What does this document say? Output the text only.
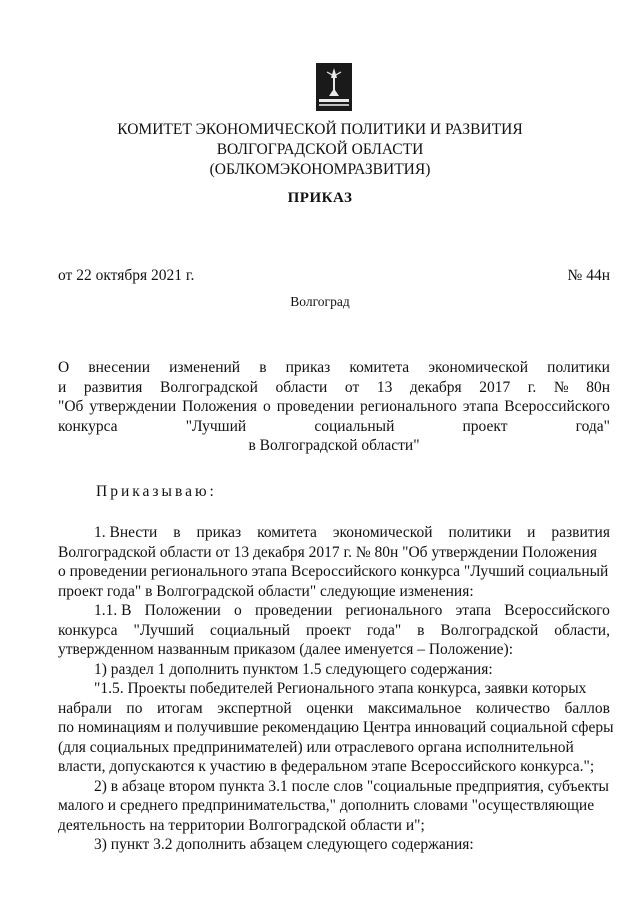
КОМИТЕТ ЭКОНОМИЧЕСКОЙ ПОЛИТИКИ И РАЗВИТИЯ
ВОЛГОГРАДСКОЙ ОБЛАСТИ
(ОБЛКОМЭКОНОМРАЗВИТИЯ)
ПРИКАЗ
от 22 октября 2021 г.	№ 44н
Волгоград
О внесении изменений в приказ комитета экономической политики
и развития Волгоградской области от 13 декабря 2017 г. № 80н
"Об утверждении Положения о проведении регионального этапа Всероссийского
конкурса	"Лучший	социальный	проект	года"
в Волгоградской области"
Приказываю:
1. Внести в приказ комитета экономической политики и развития
Волгоградской области от 13 декабря 2017 г. № 80н "Об утверждении Положения
о проведении регионального этапа Всероссийского конкурса "Лучший социальный
проект года" в Волгоградской области" следующие изменения:
1.1. В Положении о проведении регионального этапа Всероссийского
конкурса "Лучший социальный проект года" в Волгоградской области,
утвержденном названным приказом (далее именуется – Положение):
1) раздел 1 дополнить пунктом 1.5 следующего содержания:
"1.5. Проекты победителей Регионального этапа конкурса, заявки которых
набрали по итогам экспертной оценки максимальное количество баллов
по номинациям и получившие рекомендацию Центра инноваций социальной сферы
(для социальных предпринимателей) или отраслевого органа исполнительной
власти, допускаются к участию в федеральном этапе Всероссийского конкурса.";
2) в абзаце втором пункта 3.1 после слов "социальные предприятия, субъекты
малого и среднего предпринимательства," дополнить словами "осуществляющие
деятельность на территории Волгоградской области и";
3) пункт 3.2 дополнить абзацем следующего содержания:
